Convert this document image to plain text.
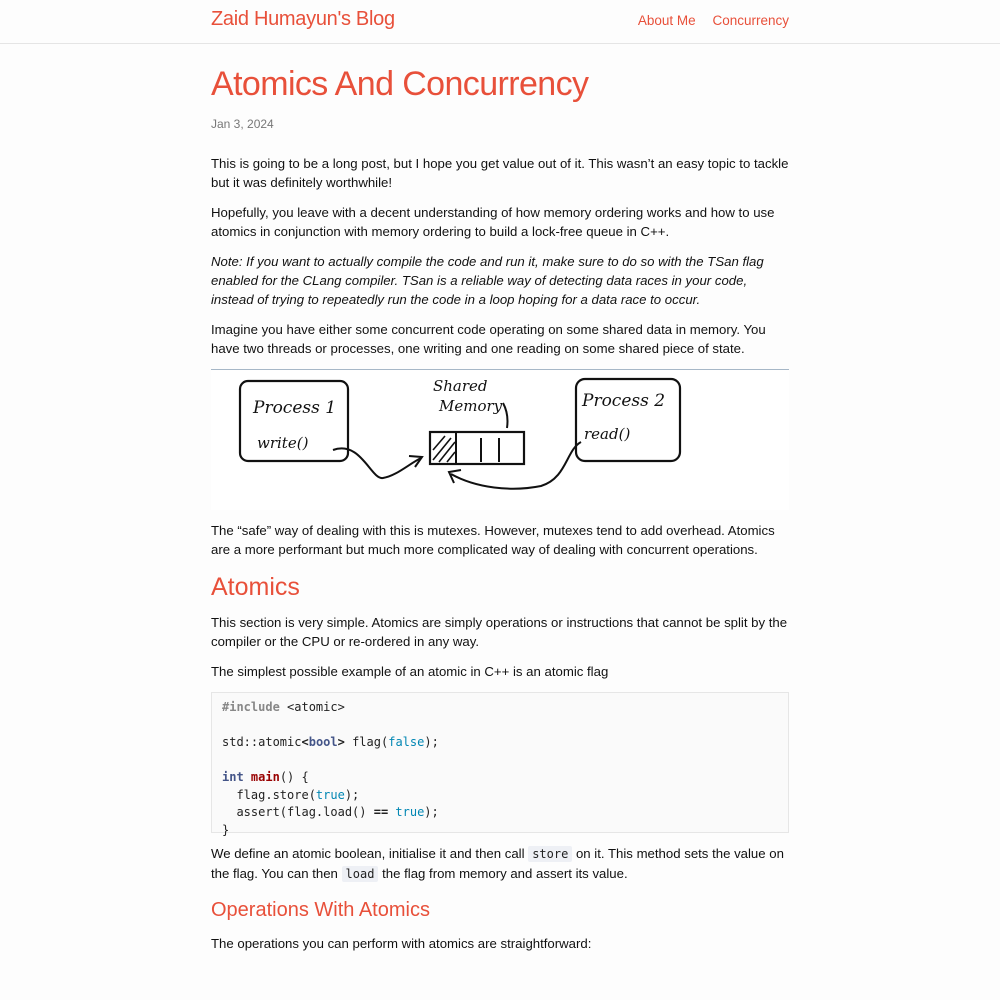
Zaid Humayun's Blog	About Me Concurrency
Atomics And Concurrency
Jan 3, 2024

This is going to be a long post, but I hope you get value out of it. This wasn’t an easy topic to tackle but it was definitely worthwhile!

Hopefully, you leave with a decent understanding of how memory ordering works and how to use atomics in conjunction with memory ordering to build a lock-free queue in C++.

Note: If you want to actually compile the code and run it, make sure to do so with the TSan flag enabled for the CLang compiler. TSan is a reliable way of detecting data races in your code, instead of trying to repeatedly run the code in a loop hoping for a data race to occur.

Imagine you have either some concurrent code operating on some shared data in memory. You have two threads or processes, one writing and one reading on some shared piece of state.

Process 1
write()
Shared
Memory	Process 2
read()

The “safe” way of dealing with this is mutexes. However, mutexes tend to add overhead. Atomics are a more performant but much more complicated way of dealing with concurrent operations.

Atomics

This section is very simple. Atomics are simply operations or instructions that cannot be split by the compiler or the CPU or re-ordered in any way.

The simplest possible example of an atomic in C++ is an atomic flag

#include <atomic>
std::atomic<bool> flag(false);
int main() {
flag.store(true);
assert(flag.load() == true);
}

We define an atomic boolean, initialise it and then call store on it. This method sets the value on the flag. You can then load the flag from memory and assert its value.

Operations With Atomics

The operations you can perform with atomics are straightforward:
